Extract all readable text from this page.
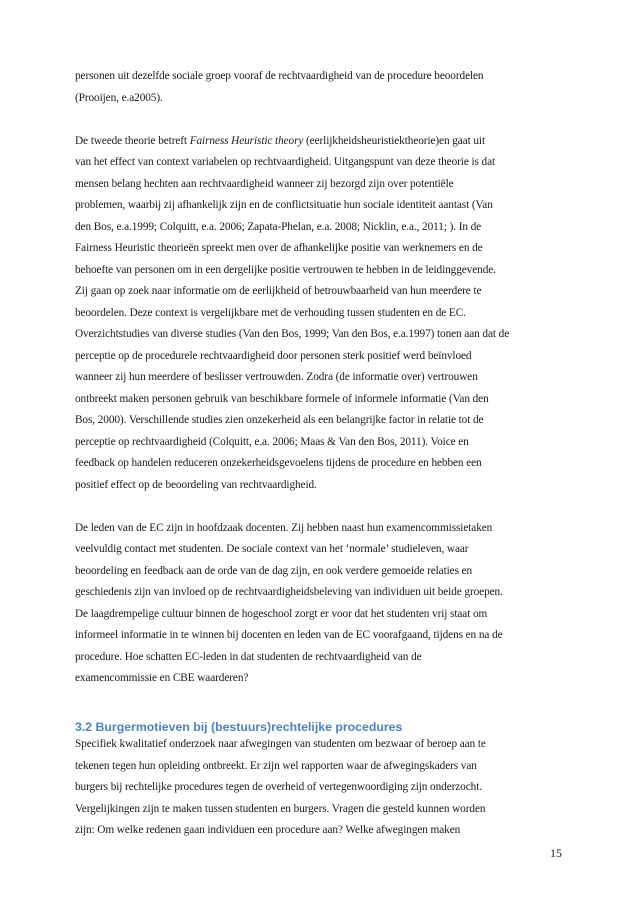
personen uit dezelfde sociale groep vooraf de rechtvaardigheid van de procedure beoordelen
(Prooijen, e.a2005).

De tweede theorie betreft Fairness Heuristic theory (eerlijkheidsheuristiektheorie)en gaat uit
van het effect van context variabelen op rechtvaardigheid. Uitgangspunt van deze theorie is dat
mensen belang hechten aan rechtvaardigheid wanneer zij bezorgd zijn over potentiële
problemen, waarbij zij afhankelijk zijn en de conflictsituatie hun sociale identiteit aantast (Van
den Bos, e.a.1999; Colquitt, e.a. 2006; Zapata-Phelan, e.a. 2008; Nicklin, e.a., 2011; ). In de
Fairness Heuristic theorieën spreekt men over de afhankelijke positie van werknemers en de
behoefte van personen om in een dergelijke positie vertrouwen te hebben in de leidinggevende.
Zij gaan op zoek naar informatie om de eerlijkheid of betrouwbaarheid van hun meerdere te
beoordelen. Deze context is vergelijkbare met de verhouding tussen studenten en de EC.
Overzichtstudies van diverse studies (Van den Bos, 1999; Van den Bos, e.a.1997) tonen aan dat de
perceptie op de procedurele rechtvaardigheid door personen sterk positief werd beïnvloed
wanneer zij hun meerdere of beslisser vertrouwden. Zodra (de informatie over) vertrouwen
ontbreekt maken personen gebruik van beschikbare formele of informele informatie (Van den
Bos, 2000). Verschillende studies zien onzekerheid als een belangrijke factor in relatie tot de
perceptie op rechtvaardigheid (Colquitt, e.a. 2006; Maas & Van den Bos, 2011). Voice en
feedback op handelen reduceren onzekerheidsgevoelens tijdens de procedure en hebben een
positief effect op de beoordeling van rechtvaardigheid.

De leden van de EC zijn in hoofdzaak docenten. Zij hebben naast hun examencommissietaken
veelvuldig contact met studenten. De sociale context van het ‘normale’ studieleven, waar
beoordeling en feedback aan de orde van de dag zijn, en ook verdere gemoeide relaties en
geschiedenis zijn van invloed op de rechtvaardigheidsbeleving van individuen uit beide groepen.
De laagdrempelige cultuur binnen de hogeschool zorgt er voor dat het studenten vrij staat om
informeel informatie in te winnen bij docenten en leden van de EC voorafgaand, tijdens en na de
procedure. Hoe schatten EC-leden in dat studenten de rechtvaardigheid van de
examencommissie en CBE waarderen?

3.2 Burgermotieven bij (bestuurs)rechtelijke procedures

Specifiek kwalitatief onderzoek naar afwegingen van studenten om bezwaar of beroep aan te
tekenen tegen hun opleiding ontbreekt. Er zijn wel rapporten waar de afwegingskaders van
burgers bij rechtelijke procedures tegen de overheid of vertegenwoordiging zijn onderzocht.
Vergelijkingen zijn te maken tussen studenten en burgers. Vragen die gesteld kunnen worden
zijn: Om welke redenen gaan individuen een procedure aan? Welke afwegingen maken

15
